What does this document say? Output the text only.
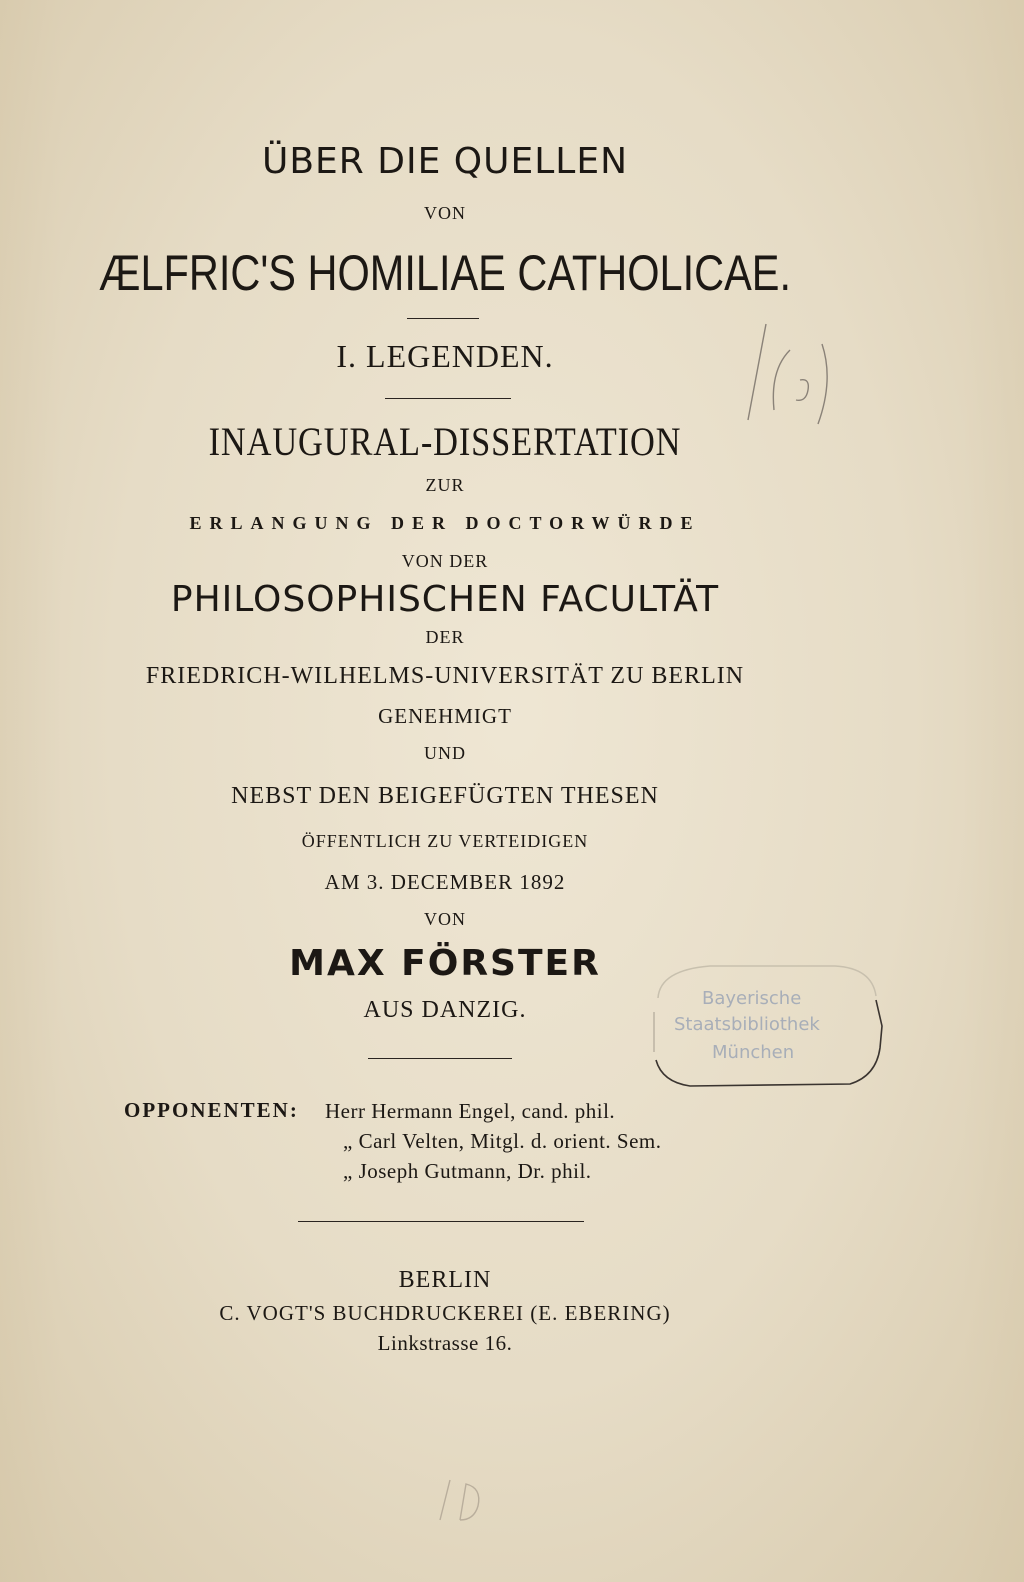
ÜBER DIE QUELLEN
VON
ÆLFRIC'S HOMILIAE CATHOLICAE.
I. LEGENDEN.
INAUGURAL-DISSERTATION
ZUR
ERLANGUNG DER DOCTORWÜRDE
VON DER
PHILOSOPHISCHEN FACULTÄT
DER
FRIEDRICH-WILHELMS-UNIVERSITÄT ZU BERLIN
GENEHMIGT
UND
NEBST DEN BEIGEFÜGTEN THESEN
ÖFFENTLICH ZU VERTEIDIGEN
AM 3. DECEMBER 1892
VON
MAX FÖRSTER
AUS DANZIG.
OPPONENTEN: Herr Hermann Engel, cand. phil.
„ Carl Velten, Mitgl. d. orient. Sem.
„ Joseph Gutmann, Dr. phil.
BERLIN
C. VOGT'S BUCHDRUCKEREI (E. EBERING)
Linkstrasse 16.
Bayerische
Staatsbibliothek
München
